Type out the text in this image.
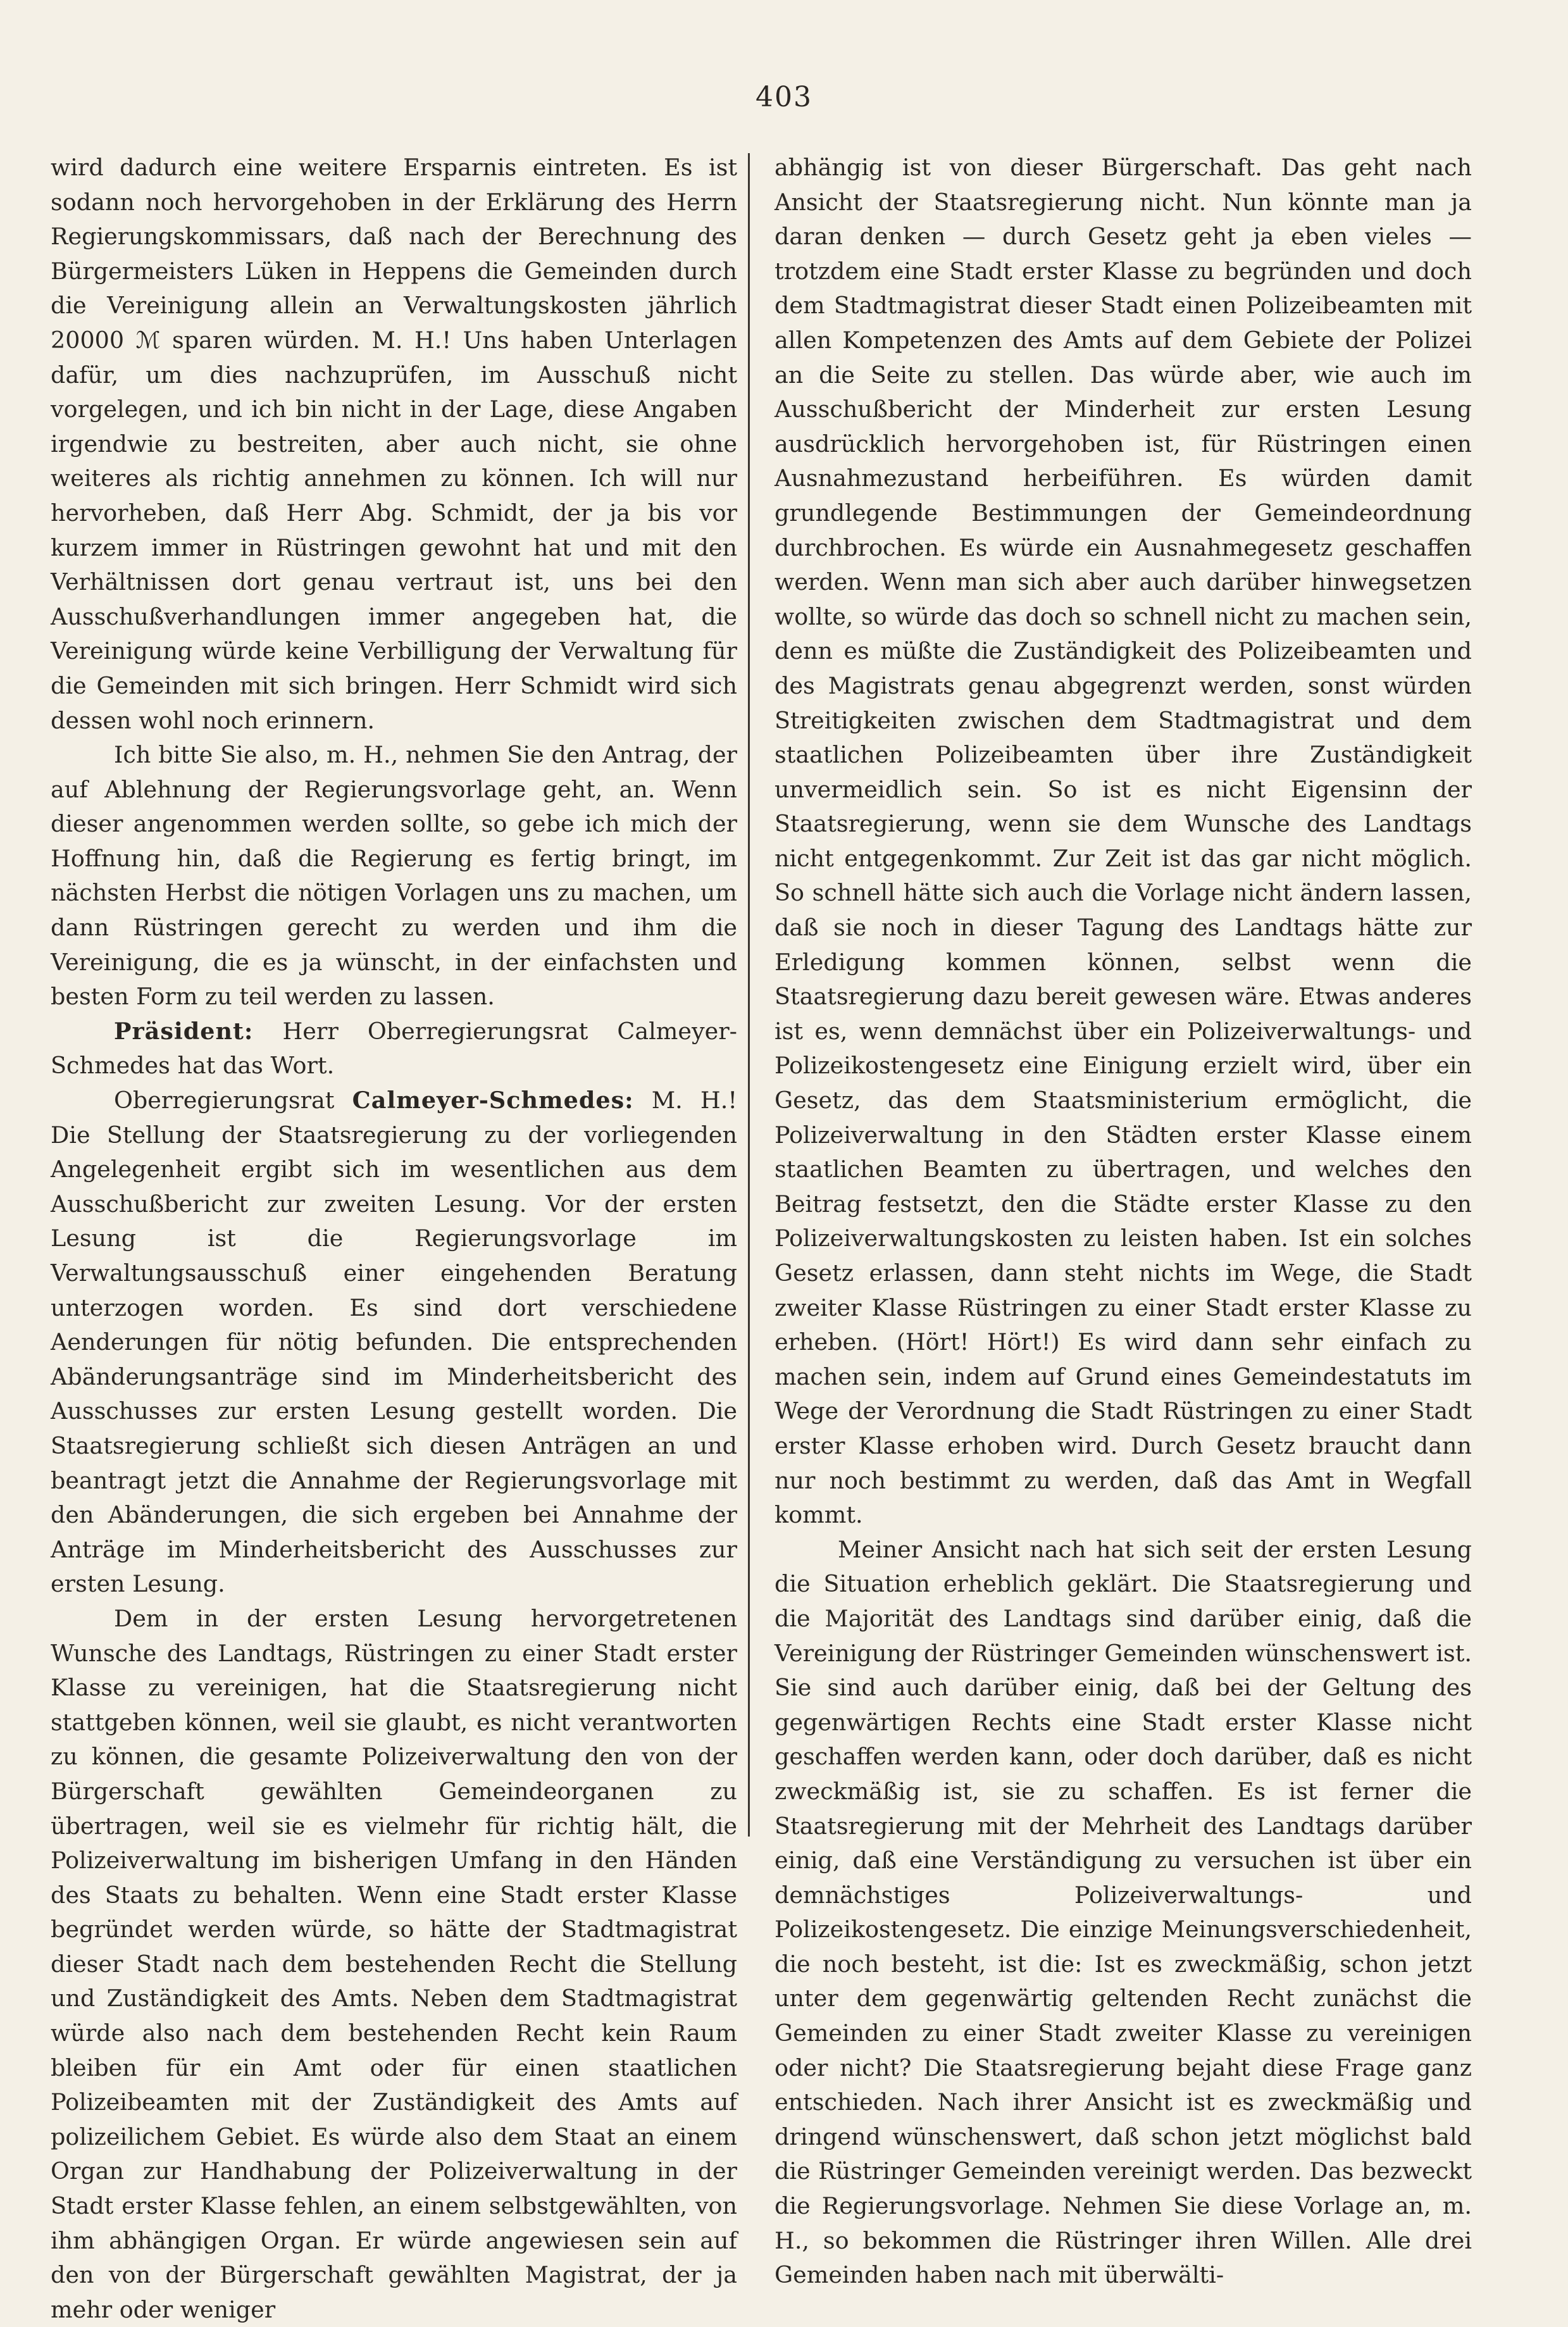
403

wird dadurch eine weitere Ersparnis eintreten. Es ist sodann noch hervorgehoben in der Erklärung des Herrn Regierungskommissars, daß nach der Berechnung des Bürgermeisters Lüken in Heppens die Gemeinden durch die Vereinigung allein an Verwaltungskosten jährlich 20000 ℳ sparen würden. M. H.! Uns haben Unterlagen dafür, um dies nachzuprüfen, im Ausschuß nicht vorgelegen, und ich bin nicht in der Lage, diese Angaben irgendwie zu bestreiten, aber auch nicht, sie ohne weiteres als richtig annehmen zu können. Ich will nur hervorheben, daß Herr Abg. Schmidt, der ja bis vor kurzem immer in Rüstringen gewohnt hat und mit den Verhältnissen dort genau vertraut ist, uns bei den Ausschußverhandlungen immer angegeben hat, die Vereinigung würde keine Verbilligung der Verwaltung für die Gemeinden mit sich bringen. Herr Schmidt wird sich dessen wohl noch erinnern.

Ich bitte Sie also, m. H., nehmen Sie den Antrag, der auf Ablehnung der Regierungsvorlage geht, an. Wenn dieser angenommen werden sollte, so gebe ich mich der Hoffnung hin, daß die Regierung es fertig bringt, im nächsten Herbst die nötigen Vorlagen uns zu machen, um dann Rüstringen gerecht zu werden und ihm die Vereinigung, die es ja wünscht, in der einfachsten und besten Form zu teil werden zu lassen.

Präsident: Herr Oberregierungsrat Calmeyer-Schmedes hat das Wort.

Oberregierungsrat Calmeyer-Schmedes: M. H.! Die Stellung der Staatsregierung zu der vorliegenden Angelegenheit ergibt sich im wesentlichen aus dem Ausschußbericht zur zweiten Lesung. Vor der ersten Lesung ist die Regierungsvorlage im Verwaltungsausschuß einer eingehenden Beratung unterzogen worden. Es sind dort verschiedene Aenderungen für nötig befunden. Die entsprechenden Abänderungsanträge sind im Minderheitsbericht des Ausschusses zur ersten Lesung gestellt worden. Die Staatsregierung schließt sich diesen Anträgen an und beantragt jetzt die Annahme der Regierungsvorlage mit den Abänderungen, die sich ergeben bei Annahme der Anträge im Minderheitsbericht des Ausschusses zur ersten Lesung.

Dem in der ersten Lesung hervorgetretenen Wunsche des Landtags, Rüstringen zu einer Stadt erster Klasse zu vereinigen, hat die Staatsregierung nicht stattgeben können, weil sie glaubt, es nicht verantworten zu können, die gesamte Polizeiverwaltung den von der Bürgerschaft gewählten Gemeindeorganen zu übertragen, weil sie es vielmehr für richtig hält, die Polizeiverwaltung im bisherigen Umfang in den Händen des Staats zu behalten. Wenn eine Stadt erster Klasse begründet werden würde, so hätte der Stadtmagistrat dieser Stadt nach dem bestehenden Recht die Stellung und Zuständigkeit des Amts. Neben dem Stadtmagistrat würde also nach dem bestehenden Recht kein Raum bleiben für ein Amt oder für einen staatlichen Polizeibeamten mit der Zuständigkeit des Amts auf polizeilichem Gebiet. Es würde also dem Staat an einem Organ zur Handhabung der Polizeiverwaltung in der Stadt erster Klasse fehlen, an einem selbstgewählten, von ihm abhängigen Organ. Er würde angewiesen sein auf den von der Bürgerschaft gewählten Magistrat, der ja mehr oder weniger

abhängig ist von dieser Bürgerschaft. Das geht nach Ansicht der Staatsregierung nicht. Nun könnte man ja daran denken — durch Gesetz geht ja eben vieles — trotzdem eine Stadt erster Klasse zu begründen und doch dem Stadtmagistrat dieser Stadt einen Polizeibeamten mit allen Kompetenzen des Amts auf dem Gebiete der Polizei an die Seite zu stellen. Das würde aber, wie auch im Ausschußbericht der Minderheit zur ersten Lesung ausdrücklich hervorgehoben ist, für Rüstringen einen Ausnahmezustand herbeiführen. Es würden damit grundlegende Bestimmungen der Gemeindeordnung durchbrochen. Es würde ein Ausnahmegesetz geschaffen werden. Wenn man sich aber auch darüber hinwegsetzen wollte, so würde das doch so schnell nicht zu machen sein, denn es müßte die Zuständigkeit des Polizeibeamten und des Magistrats genau abgegrenzt werden, sonst würden Streitigkeiten zwischen dem Stadtmagistrat und dem staatlichen Polizeibeamten über ihre Zuständigkeit unvermeidlich sein. So ist es nicht Eigensinn der Staatsregierung, wenn sie dem Wunsche des Landtags nicht entgegenkommt. Zur Zeit ist das gar nicht möglich. So schnell hätte sich auch die Vorlage nicht ändern lassen, daß sie noch in dieser Tagung des Landtags hätte zur Erledigung kommen können, selbst wenn die Staatsregierung dazu bereit gewesen wäre. Etwas anderes ist es, wenn demnächst über ein Polizeiverwaltungs- und Polizeikostengesetz eine Einigung erzielt wird, über ein Gesetz, das dem Staatsministerium ermöglicht, die Polizeiverwaltung in den Städten erster Klasse einem staatlichen Beamten zu übertragen, und welches den Beitrag festsetzt, den die Städte erster Klasse zu den Polizeiverwaltungskosten zu leisten haben. Ist ein solches Gesetz erlassen, dann steht nichts im Wege, die Stadt zweiter Klasse Rüstringen zu einer Stadt erster Klasse zu erheben. (Hört! Hört!) Es wird dann sehr einfach zu machen sein, indem auf Grund eines Gemeindestatuts im Wege der Verordnung die Stadt Rüstringen zu einer Stadt erster Klasse erhoben wird. Durch Gesetz braucht dann nur noch bestimmt zu werden, daß das Amt in Wegfall kommt.

Meiner Ansicht nach hat sich seit der ersten Lesung die Situation erheblich geklärt. Die Staatsregierung und die Majorität des Landtags sind darüber einig, daß die Vereinigung der Rüstringer Gemeinden wünschenswert ist. Sie sind auch darüber einig, daß bei der Geltung des gegenwärtigen Rechts eine Stadt erster Klasse nicht geschaffen werden kann, oder doch darüber, daß es nicht zweckmäßig ist, sie zu schaffen. Es ist ferner die Staatsregierung mit der Mehrheit des Landtags darüber einig, daß eine Verständigung zu versuchen ist über ein demnächstiges Polizeiverwaltungs- und Polizeikostengesetz. Die einzige Meinungsverschiedenheit, die noch besteht, ist die: Ist es zweckmäßig, schon jetzt unter dem gegenwärtig geltenden Recht zunächst die Gemeinden zu einer Stadt zweiter Klasse zu vereinigen oder nicht? Die Staatsregierung bejaht diese Frage ganz entschieden. Nach ihrer Ansicht ist es zweckmäßig und dringend wünschenswert, daß schon jetzt möglichst bald die Rüstringer Gemeinden vereinigt werden. Das bezweckt die Regierungsvorlage. Nehmen Sie diese Vorlage an, m. H., so bekommen die Rüstringer ihren Willen. Alle drei Gemeinden haben nach mit überwälti-
